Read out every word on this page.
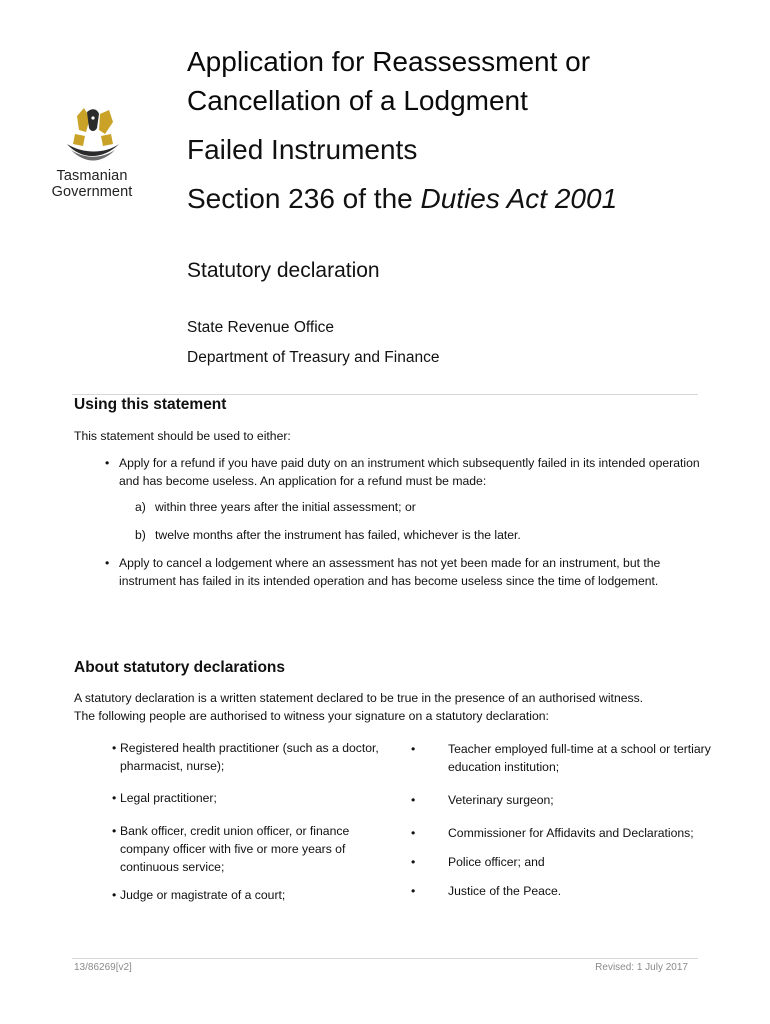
Tasmanian
Government
Application for Reassessment or
Cancellation of a Lodgment
Failed Instruments
Section 236 of the Duties Act 2001
Statutory declaration

State Revenue Office

Department of Treasury and Finance

Using this statement

This statement should be used to either:

• Apply for a refund if you have paid duty on an instrument which subsequently failed in its intended operation and has become useless. An application for a refund must be made:
a) within three years after the initial assessment; or
b) twelve months after the instrument has failed, whichever is the later.
• Apply to cancel a lodgement where an assessment has not yet been made for an instrument, but the instrument has failed in its intended operation and has become useless since the time of lodgement.
About statutory declarations

A statutory declaration is a written statement declared to be true in the presence of an authorised witness.

The following people are authorised to witness your signature on a statutory declaration:

• Registered health practitioner (such as a doctor, pharmacist, nurse);
• Legal practitioner;
• Bank officer, credit union officer, or finance company officer with five or more years of continuous service;
• Judge or magistrate of a court;
•	Teacher employed full-time at a school or tertiary education institution;
•	Veterinary surgeon;
•	Commissioner for Affidavits and Declarations;
•	Police officer; and
•	Justice of the Peace.
13/86269[v2]	Revised: 1 July 2017
